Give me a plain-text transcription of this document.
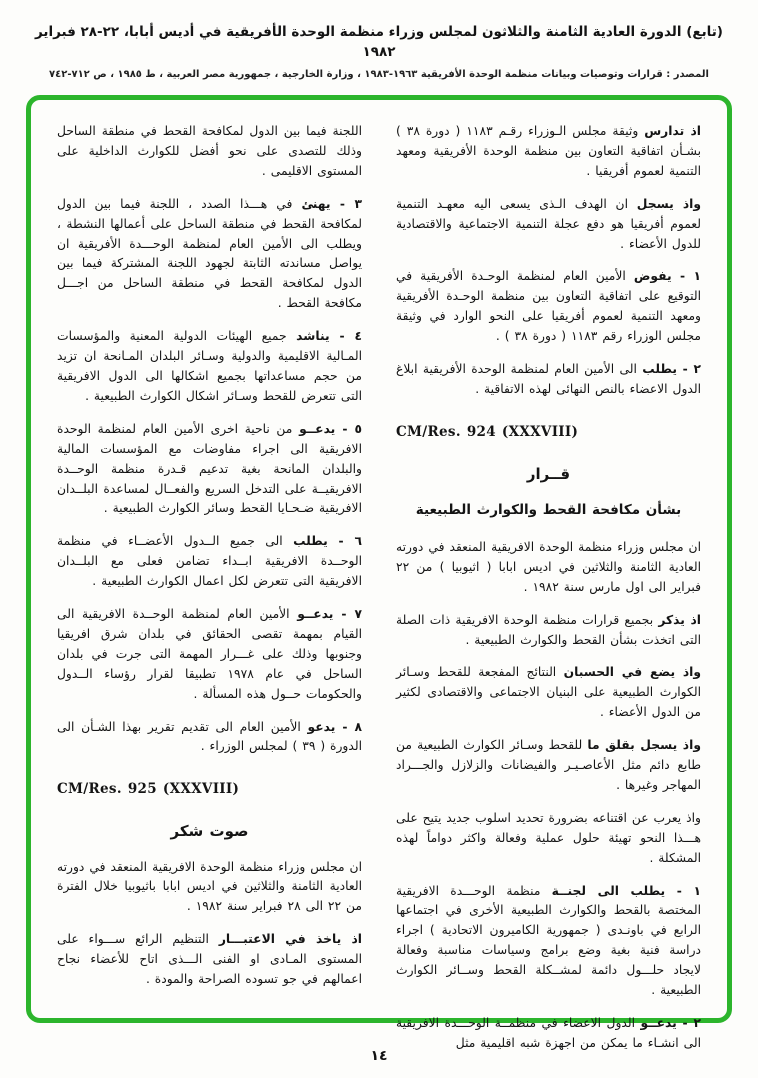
(تابع) الدورة العادية الثامنة والثلاثون لمجلس وزراء منظمة الوحدة الأفريقية في أديس أبابا، ٢٢-٢٨ فبراير ١٩٨٢
المصدر : قرارات وتوصيات وبيانات منظمة الوحدة الأفريقية ١٩٦٣-١٩٨٣ ، وزارة الخارجية ، جمهورية مصر العربية ، ط ١٩٨٥ ، ص ٧١٢-٧٤٢

اذ تدارس وثيقة مجلس الـوزراء رقـم ١١٨٣ ( دورة ٣٨ ) بشـأن اتفاقية التعاون بين منظمة الوحدة الأفريقية ومعهد التنمية لعموم أفريقيا .

واذ يسجل ان الهدف الـذى يسعى اليه معهـد التنمية لعموم أفريقيا هو دفع عجلة التنمية الاجتماعية والاقتصادية للدول الأعضاء .

١ - يفوض الأمين العام لمنظمة الوحـدة الأفريقية في التوقيع على اتفاقية التعاون بين منظمة الوحـدة الأفريقية ومعهد التنمية لعموم أفريقيا على النحو الوارد في وثيقة مجلس الوزراء رقم ١١٨٣ ( دورة ٣٨ ) .

٢ - يطلب الى الأمين العام لمنظمة الوحدة الأفريقية ابلاغ الدول الاعضاء بالنص النهائى لهذه الاتفاقية .

CM/Res. 924 (XXXVIII)

قــرار

بشأن مكافحة القحط والكوارث الطبيعية

ان مجلس وزراء منظمة الوحدة الافريقية المنعقد في دورته العادية الثامنة والثلاثين في اديس ابابا ( اثيوبيا ) من ٢٢ فبراير الى اول مارس سنة ١٩٨٢ .

اذ يذكر بجميع قرارات منظمة الوحدة الافريقية ذات الصلة التى اتخذت بشأن القحط والكوارث الطبيعية .

واذ يضع في الحسبان النتائج المفجعة للقحط وسـائر الكوارث الطبيعية على البنيان الاجتماعى والاقتصادى لكثير من الدول الأعضاء .

واذ يسجل بقلق ما للقحط وسـائر الكوارث الطبيعية من طابع دائم مثل الأعاصـيـر والفيضانات والزلازل والجـــراد المهاجر وغيرها .

واذ يعرب عن اقتناعه بضرورة تحديد اسلوب جديد يتيح على هـــذا النحو تهيئة حلول عملية وفعالة واكثر دواماً لهذه المشكلة .

١ - يطلب الى لجنــة منظمة الوحـــدة الافريقية المختصة بالقحط والكوارث الطبيعية الأخرى في اجتماعها الرابع في باونـدى ( جمهورية الكاميرون الاتحادية ) اجراء دراسة فنية بغية وضع برامج وسياسات مناسبة وفعالة لايجاد حلـــول دائمة لمشــكلة القحط وســائر الكوارث الطبيعية .

٢ - يدعــو الدول الاعضاء في منظمــة الوحـــدة الافريقية الى انشـاء ما يمكن من اجهزة شبه اقليمية مثل

اللجنة فيما بين الدول لمكافحة القحط في منطقة الساحل وذلك للتصدى على نحو أفضل للكوارث الداخلية على المستوى الاقليمى .

٣ - يهنئ في هـــذا الصدد ، اللجنة فيما بين الدول لمكافحة القحط في منطقة الساحل على أعمالها النشطة ، ويطلب الى الأمين العام لمنظمة الوحـــدة الأفريقية ان يواصل مساندته الثابتة لجهود اللجنة المشتركة فيما بين الدول لمكافحة القحط في منطقة الساحل من اجـــل مكافحة القحط .

٤ - يناشد جميع الهيئات الدولية المعنية والمؤسسات المـالية الاقليمية والدولية وسـائر البلدان المـانحة ان تزيد من حجم مساعداتها بجميع اشكالها الى الدول الافريقية التى تتعرض للقحط وسـائر اشكال الكوارث الطبيعية .

٥ - يدعــو من ناحية اخرى الأمين العام لمنظمة الوحدة الافريقية الى اجراء مفاوضات مع المؤسسات المالية والبلدان المانحة بغية تدعيم قـدرة منظمة الوحــدة الافريقيــة على التدخل السريع والفعــال لمساعدة البلــدان الافريقية ضـحـايا القحط وسائر الكوارث الطبيعية .

٦ - يطلب الى جميع الــدول الأعضــاء في منظمة الوحــدة الافريقية ابــداء تضامن فعلى مع البلــدان الافريقية التى تتعرض لكل اعمال الكوارث الطبيعية .

٧ - يدعــو الأمين العام لمنظمة الوحــدة الافريقية الى القيام بمهمة تقصى الحقائق في بلدان شرق افريقيا وجنوبها وذلك على غـــرار المهمة التى جرت في بلدان الساحل في عام ١٩٧٨ تطبيقا لقرار رؤساء الــدول والحكومات حــول هذه المسألة .

٨ - يدعو الأمين العام الى تقديم تقرير بهذا الشـأن الى الدورة ( ٣٩ ) لمجلس الوزراء .

CM/Res. 925 (XXXVIII)

صوت شكر

ان مجلس وزراء منظمة الوحدة الافريقية المنعقد في دورته العادية الثامنة والثلاثين في اديس ابابا باثيوبيا خلال الفترة من ٢٢ الى ٢٨ فبراير سنة ١٩٨٢ .

اذ ياخذ في الاعتبـــار التنظيم الرائع ســـواء على المستوى المـادى او الفنى الـــذى اتاح للأعضاء نجاح اعمالهم في جو تسوده الصراحة والمودة .

١٤
